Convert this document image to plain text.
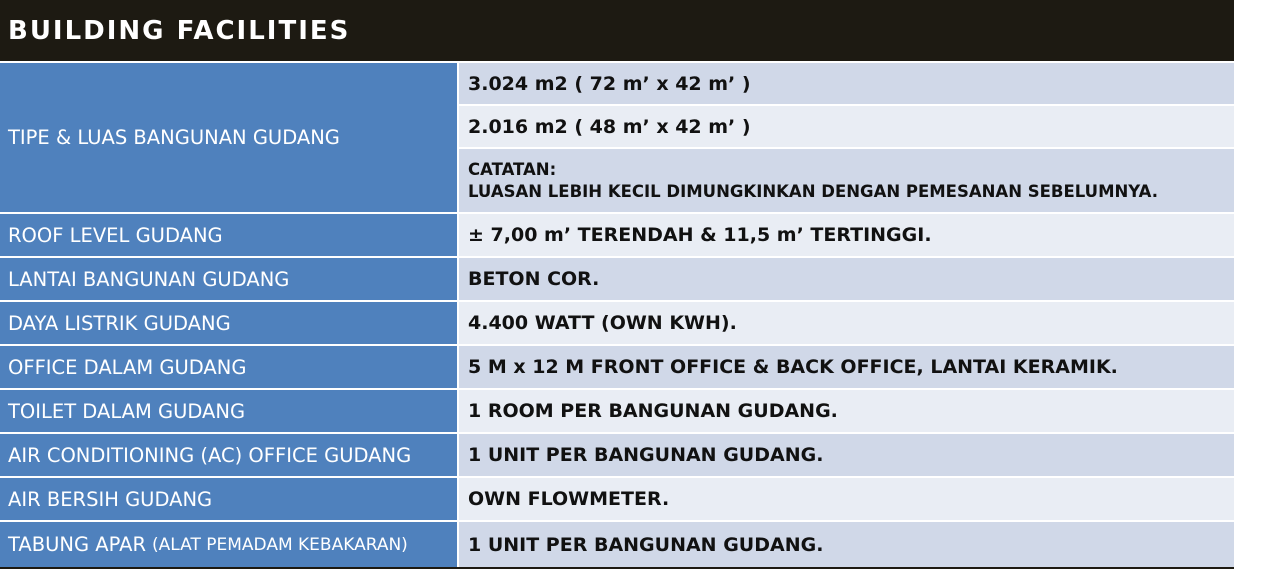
BUILDING FACILITIES
TIPE & LUAS BANGUNAN GUDANG
3.024 m2 ( 72 m’ x 42 m’ )
2.016 m2 ( 48 m’ x 42 m’ )
CATATAN:
LUASAN LEBIH KECIL DIMUNGKINKAN DENGAN PEMESANAN SEBELUMNYA.
ROOF LEVEL GUDANG	± 7,00 m’ TERENDAH & 11,5 m’ TERTINGGI.
LANTAI BANGUNAN GUDANG	BETON COR.
DAYA LISTRIK GUDANG	4.400 WATT (OWN KWH).
OFFICE DALAM GUDANG	5 M x 12 M FRONT OFFICE & BACK OFFICE, LANTAI KERAMIK.
TOILET DALAM GUDANG	1 ROOM PER BANGUNAN GUDANG.
AIR CONDITIONING (AC) OFFICE GUDANG	1 UNIT PER BANGUNAN GUDANG.
AIR BERSIH GUDANG	OWN FLOWMETER.
TABUNG APAR (ALAT PEMADAM KEBAKARAN)	1 UNIT PER BANGUNAN GUDANG.
